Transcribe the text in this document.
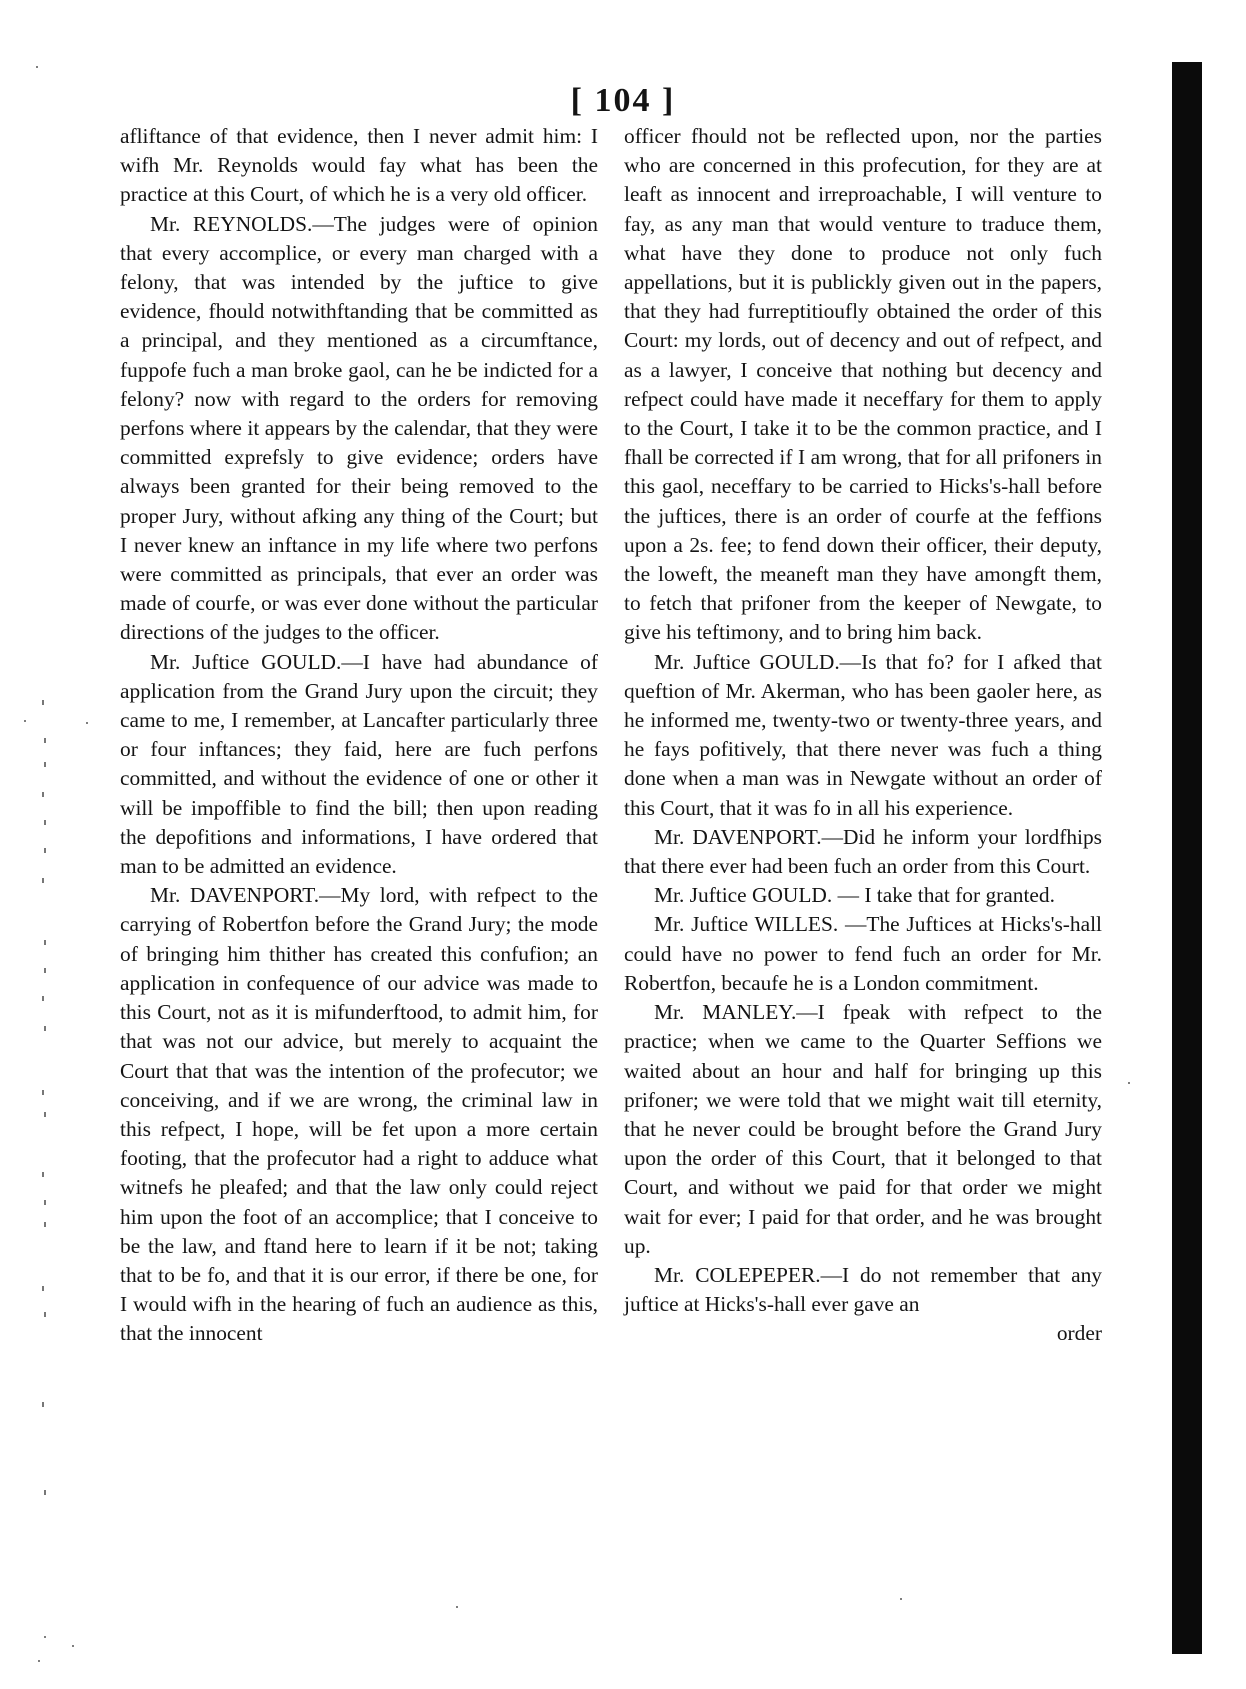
[ 104 ]

afliftance of that evidence, then I never admit him: I wifh Mr. Reynolds would fay what has been the practice at this Court, of which he is a very old officer.

Mr. REYNOLDS.—The judges were of opinion that every accomplice, or every man charged with a felony, that was intended by the juftice to give evidence, fhould notwithftanding that be committed as a principal, and they mentioned as a circumftance, fuppofe fuch a man broke gaol, can he be indicted for a felony? now with regard to the orders for removing perfons where it appears by the calendar, that they were committed exprefsly to give evidence; orders have always been granted for their being removed to the proper Jury, without afking any thing of the Court; but I never knew an inftance in my life where two perfons were committed as principals, that ever an order was made of courfe, or was ever done without the particular directions of the judges to the officer.

Mr. Juftice GOULD.—I have had abundance of application from the Grand Jury upon the circuit; they came to me, I remember, at Lancafter particularly three or four inftances; they faid, here are fuch perfons committed, and without the evidence of one or other it will be impoffible to find the bill; then upon reading the depofitions and informations, I have ordered that man to be admitted an evidence.

Mr. DAVENPORT.—My lord, with refpect to the carrying of Robertfon before the Grand Jury; the mode of bringing him thither has created this confufion; an application in confequence of our advice was made to this Court, not as it is mifunderftood, to admit him, for that was not our advice, but merely to acquaint the Court that that was the intention of the profecutor; we conceiving, and if we are wrong, the criminal law in this refpect, I hope, will be fet upon a more certain footing, that the profecutor had a right to adduce what witnefs he pleafed; and that the law only could reject him upon the foot of an accomplice; that I conceive to be the law, and ftand here to learn if it be not; taking that to be fo, and that it is our error, if there be one, for I would wifh in the hearing of fuch an audience as this, that the innocent

officer fhould not be reflected upon, nor the parties who are concerned in this profecution, for they are at leaft as innocent and irreproachable, I will venture to fay, as any man that would venture to traduce them, what have they done to produce not only fuch appellations, but it is publickly given out in the papers, that they had furreptitioufly obtained the order of this Court: my lords, out of decency and out of refpect, and as a lawyer, I conceive that nothing but decency and refpect could have made it neceffary for them to apply to the Court, I take it to be the common practice, and I fhall be corrected if I am wrong, that for all prifoners in this gaol, neceffary to be carried to Hicks's-hall before the juftices, there is an order of courfe at the feffions upon a 2s. fee; to fend down their officer, their deputy, the loweft, the meaneft man they have amongft them, to fetch that prifoner from the keeper of Newgate, to give his teftimony, and to bring him back.

Mr. Juftice GOULD.—Is that fo? for I afked that queftion of Mr. Akerman, who has been gaoler here, as he informed me, twenty-two or twenty-three years, and he fays pofitively, that there never was fuch a thing done when a man was in Newgate without an order of this Court, that it was fo in all his experience.

Mr. DAVENPORT.—Did he inform your lordfhips that there ever had been fuch an order from this Court.

Mr. Juftice GOULD. — I take that for granted.

Mr. Juftice WILLES. —The Juftices at Hicks's-hall could have no power to fend fuch an order for Mr. Robertfon, becaufe he is a London commitment.

Mr. MANLEY.—I fpeak with refpect to the practice; when we came to the Quarter Seffions we waited about an hour and half for bringing up this prifoner; we were told that we might wait till eternity, that he never could be brought before the Grand Jury upon the order of this Court, that it belonged to that Court, and without we paid for that order we might wait for ever; I paid for that order, and he was brought up.

Mr. COLEPEPER.—I do not remember that any juftice at Hicks's-hall ever gave an

order
